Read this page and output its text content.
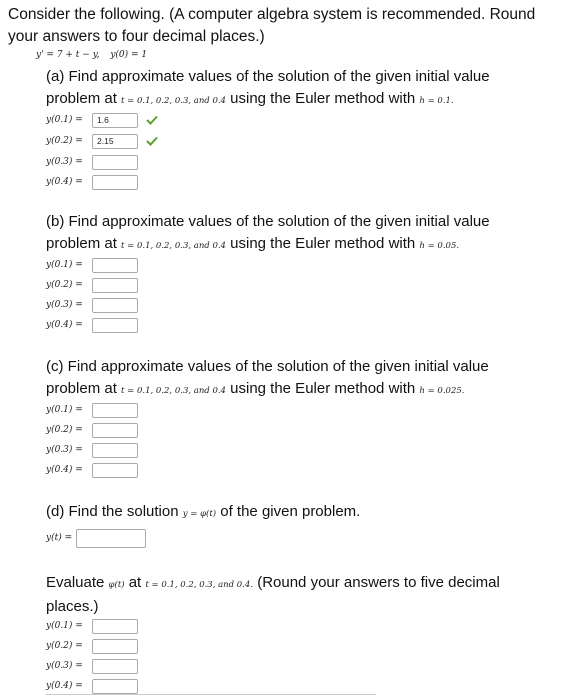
Consider the following. (A computer algebra system is recommended. Round
your answers to four decimal places.)
y' = 7 + t − y, y(0) = 1
(a) Find approximate values of the solution of the given initial value
problem at t = 0.1, 0.2, 0.3, and 0.4 using the Euler method with h = 0.1.
y(0.1) =	1.6
y(0.2) =	2.15
y(0.3) =
y(0.4) =
(b) Find approximate values of the solution of the given initial value
problem at t = 0.1, 0.2, 0.3, and 0.4 using the Euler method with h = 0.05.
y(0.1) =
y(0.2) =
y(0.3) =
y(0.4) =
(c) Find approximate values of the solution of the given initial value
problem at t = 0.1, 0.2, 0.3, and 0.4 using the Euler method with h = 0.025.
y(0.1) =
y(0.2) =
y(0.3) =
y(0.4) =
(d) Find the solution y = φ(t) of the given problem.
y(t) =
Evaluate φ(t) at t = 0.1, 0.2, 0.3, and 0.4. (Round your answers to five decimal
places.)
y(0.1) =
y(0.2) =
y(0.3) =
y(0.4) =
